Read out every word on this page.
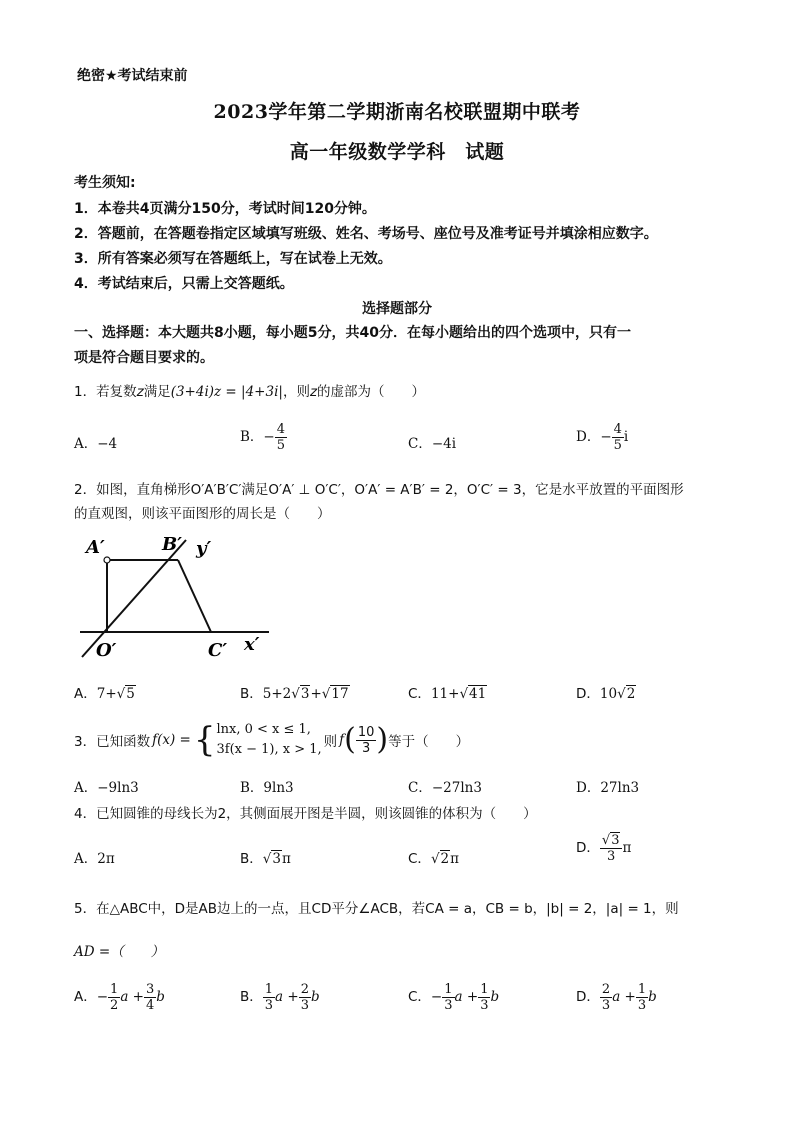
绝密★考试结束前
2023学年第二学期浙南名校联盟期中联考
高一年级数学学科　试题
考生须知:
1．本卷共4页满分150分，考试时间120分钟。
2．答题前，在答题卷指定区域填写班级、姓名、考场号、座位号及准考证号并填涂相应数字。
3．所有答案必须写在答题纸上，写在试卷上无效。
4．考试结束后，只需上交答题纸。
选择题部分
一、选择题：本大题共8小题，每小题5分，共40分．在每小题给出的四个选项中，只有一
项是符合题目要求的。
1．若复数z满足(3+4i)z = |4+3i|，则z的虚部为（　　）
A．−4	B．− $\frac{4}{5}$	C．−4i	D．− $\frac{4}{5}$ i
2．如图，直角梯形O′A′B′C′满足O′A′ ⊥ O′C′，O′A′ = A′B′ = 2，O′C′ = 3，它是水平放置的平面图形
的直观图，则该平面图形的周长是（　　）
A′	B′ y′
O′	C′ x′
A．7+√5	B．5+2√3+√17	C．11+√41	D．10√2
3．已知函数 f(x) = { lnx, 0 < x ≤ 1,
3f(x − 1), x > 1, 则 f ( $\frac{10}{3}$ ) 等于（　　）
A．−9ln3	B．9ln3	C．−27ln3	D．27ln3
4．已知圆锥的母线长为2，其侧面展开图是半圆，则该圆锥的体积为（　　）
A．2π	B．√3π	C．√2π
D． $\frac{√3}{3}$ π
5．在△ABC中，D是AB边上的一点，且CD平分∠ACB，若CA = a，CB = b，|b| = 2，|a| = 1，则
AD =（　　）
A．− $\frac{1}{2}$ $a + \frac{3}{4}$ b	B． $\frac{1}{3}$ $a + \frac{2}{3}$ b	C．− $\frac{1}{3}$ $a + \frac{1}{3}$ b	D． $\frac{2}{3}$ $a + \frac{1}{3}$ b
